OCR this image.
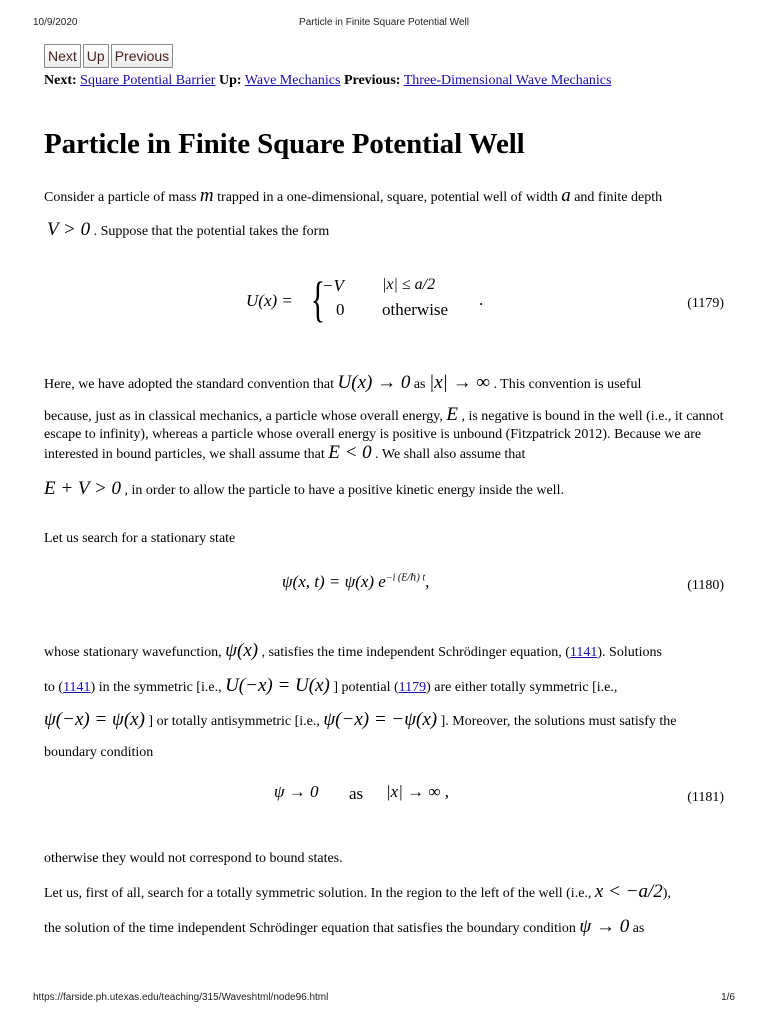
10/9/2020	Particle in Finite Square Potential Well
Next Up Previous
Next: Square Potential Barrier Up: Wave Mechanics Previous: Three-Dimensional Wave Mechanics
Particle in Finite Square Potential Well
Consider a particle of mass m trapped in a one-dimensional, square, potential well of width a and finite depth
V > 0 . Suppose that the potential takes the form
U(x) = {
−V	|x| ≤ a/2
0	otherwise
.	(1179)
Here, we have adopted the standard convention that U(x) → 0 as |x| → ∞ . This convention is useful
because, just as in classical mechanics, a particle whose overall energy, E , is negative is bound in the well (i.e., it cannot escape to infinity), whereas a particle whose overall energy is positive is unbound (Fitzpatrick 2012). Because we are interested in bound particles, we shall assume that E < 0 . We shall also assume that
E + V > 0 , in order to allow the particle to have a positive kinetic energy inside the well.
Let us search for a stationary state
ψ(x, t) = ψ(x) $e^{-i (E/\hbar) t}$,	(1180)
whose stationary wavefunction, ψ(x) , satisfies the time independent Schrödinger equation, (1141). Solutions
to (1141) in the symmetric [i.e., U(−x) = U(x) ] potential (1179) are either totally symmetric [i.e.,
ψ(−x) = ψ(x) ] or totally antisymmetric [i.e., ψ(−x) = −ψ(x) ]. Moreover, the solutions must satisfy the
boundary condition
ψ → 0 as |x| → ∞ ,	(1181)
otherwise they would not correspond to bound states.
Let us, first of all, search for a totally symmetric solution. In the region to the left of the well (i.e., x < −a/2),
the solution of the time independent Schrödinger equation that satisfies the boundary condition ψ → 0 as
https://farside.ph.utexas.edu/teaching/315/Waveshtml/node96.html	1/6
